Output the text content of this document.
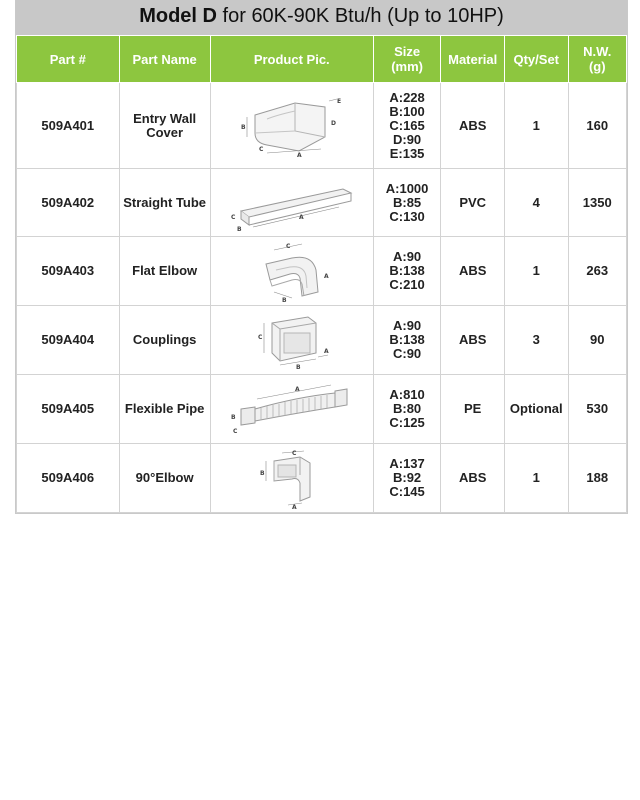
Model D for 60K-90K Btu/h (Up to 10HP)
Part #	Part Name	Product Pic.	Size
(mm)	Material	Qty/Set	N.W.
(g)

509A401	Entry Wall
Cover	A
B
C
D
E	A:228
B:100
C:165
D:90
E:135	ABS	1	160
509A402	Straight Tube	A
B
C	A:1000
B:85
C:130	PVC	4	1350
509A403	Flat Elbow	A
B
C	A:90
B:138
C:210	ABS	1	263
509A404	Couplings	A
B
C	A:90
B:138
C:90	ABS	3	90
509A405	Flexible Pipe	A
B
C	A:810
B:80
C:125	PE	Optional	530
509A406	90°Elbow	A
B
C	A:137
B:92
C:145	ABS	1	188
